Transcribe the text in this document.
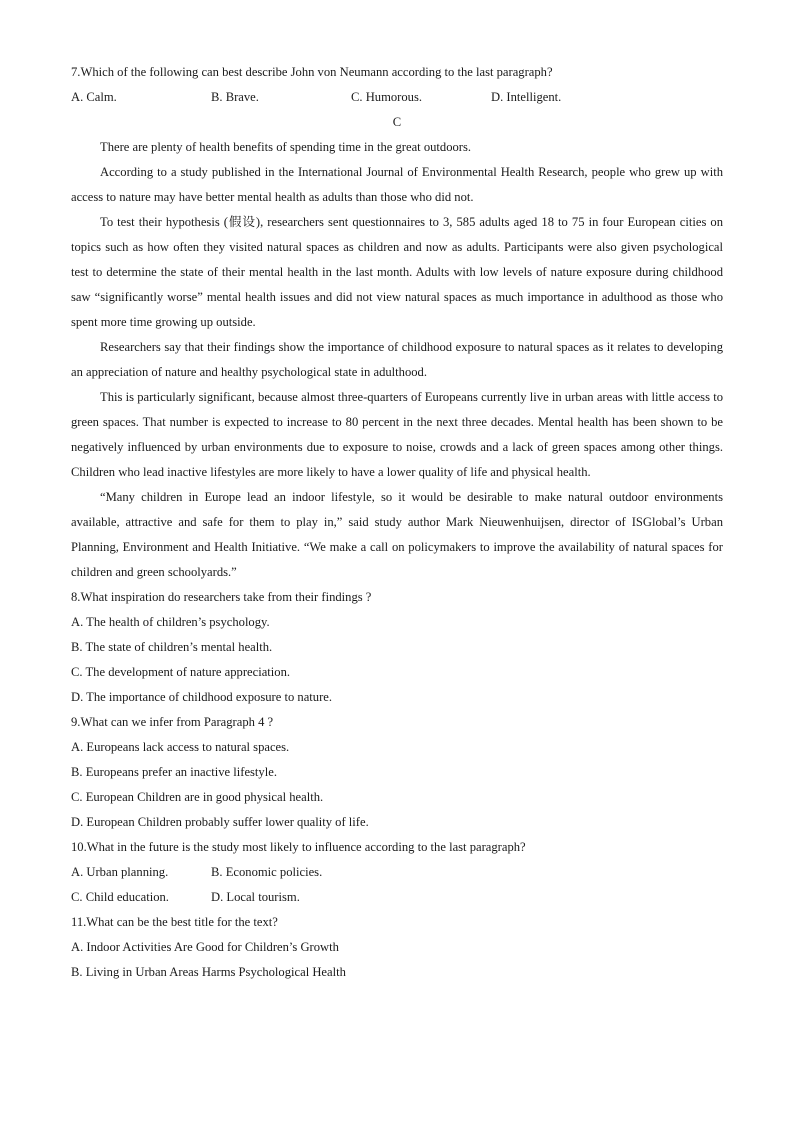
7.Which of the following can best describe John von Neumann according to the last paragraph?
A. Calm.	B. Brave.	C. Humorous.	D. Intelligent.
C

There are plenty of health benefits of spending time in the great outdoors.

According to a study published in the International Journal of Environmental Health Research, people who grew up with access to nature may have better mental health as adults than those who did not.

To test their hypothesis (假设), researchers sent questionnaires to 3, 585 adults aged 18 to 75 in four European cities on topics such as how often they visited natural spaces as children and now as adults. Participants were also given psychological test to determine the state of their mental health in the last month. Adults with low levels of nature exposure during childhood saw “significantly worse” mental health issues and did not view natural spaces as much importance in adulthood as those who spent more time growing up outside.

Researchers say that their findings show the importance of childhood exposure to natural spaces as it relates to developing an appreciation of nature and healthy psychological state in adulthood.

This is particularly significant, because almost three-quarters of Europeans currently live in urban areas with little access to green spaces. That number is expected to increase to 80 percent in the next three decades. Mental health has been shown to be negatively influenced by urban environments due to exposure to noise, crowds and a lack of green spaces among other things. Children who lead inactive lifestyles are more likely to have a lower quality of life and physical health.

“Many children in Europe lead an indoor lifestyle, so it would be desirable to make natural outdoor environments available, attractive and safe for them to play in,” said study author Mark Nieuwenhuijsen, director of ISGlobal’s Urban Planning, Environment and Health Initiative. “We make a call on policymakers to improve the availability of natural spaces for children and green schoolyards.”

8.What inspiration do researchers take from their findings ?
A. The health of children’s psychology.
B. The state of children’s mental health.
C. The development of nature appreciation.
D. The importance of childhood exposure to nature.
9.What can we infer from Paragraph 4 ?
A. Europeans lack access to natural spaces.
B. Europeans prefer an inactive lifestyle.
C. European Children are in good physical health.
D. European Children probably suffer lower quality of life.
10.What in the future is the study most likely to influence according to the last paragraph?
A. Urban planning.	B. Economic policies.
C. Child education.	D. Local tourism.
11.What can be the best title for the text?
A. Indoor Activities Are Good for Children’s Growth
B. Living in Urban Areas Harms Psychological Health
